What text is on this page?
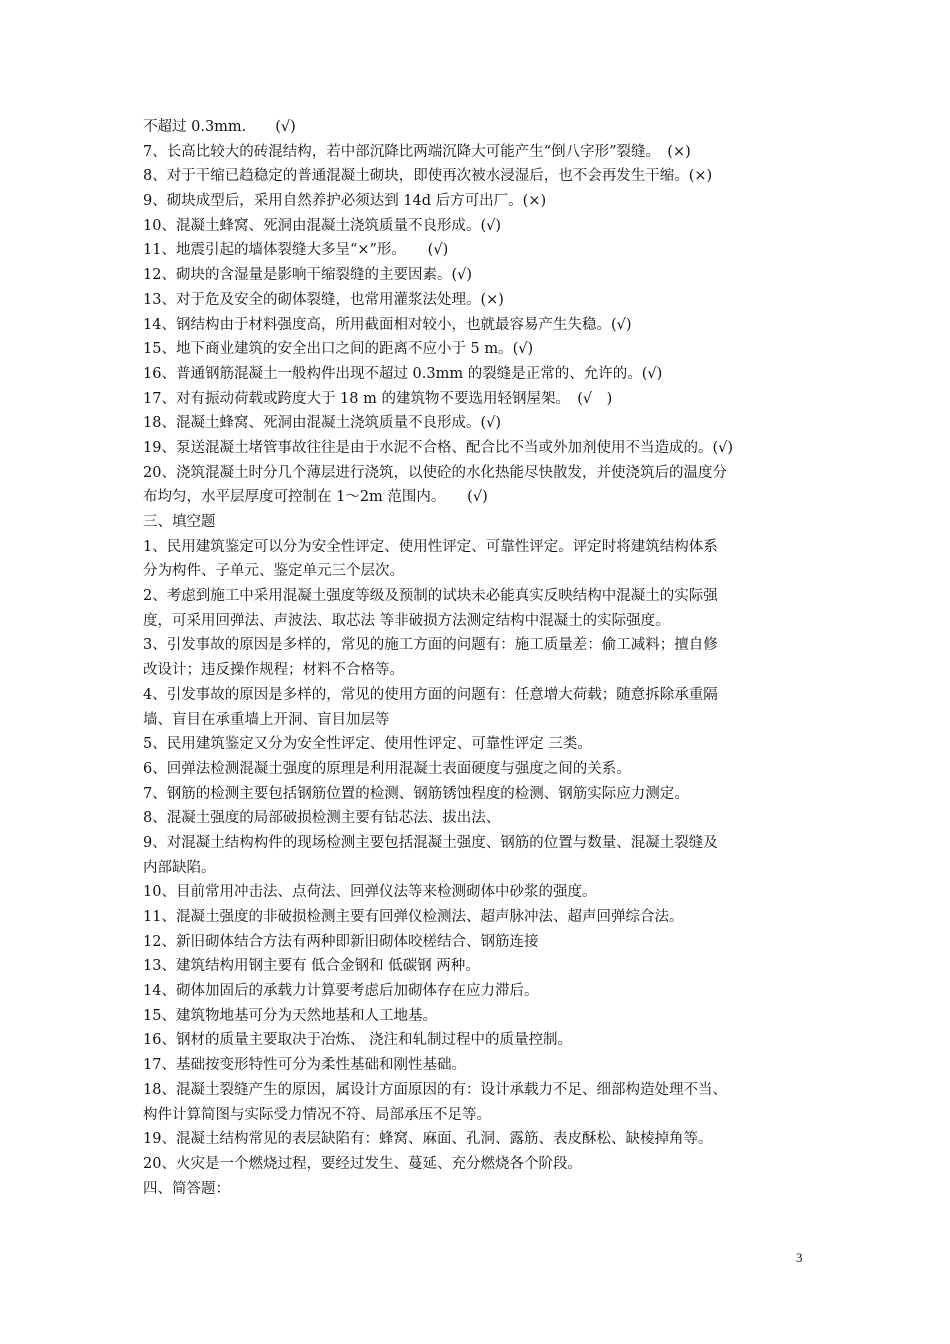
不超过 0.3mm.　　(√)
7、长高比较大的砖混结构，若中部沉降比两端沉降大可能产生“倒八字形”裂缝。　(×)
8、对于干缩已趋稳定的普通混凝土砌块，即使再次被水浸湿后，也不会再发生干缩。(×)
9、砌块成型后，采用自然养护必须达到 14d 后方可出厂。(×)
10、混凝土蜂窝、死洞由混凝土浇筑质量不良形成。(√)
11、地震引起的墙体裂缝大多呈“×”形。　　(√)
12、砌块的含湿量是影响干缩裂缝的主要因素。(√)
13、对于危及安全的砌体裂缝，也常用灌浆法处理。(×)
14、钢结构由于材料强度高，所用截面相对较小，也就最容易产生失稳。(√)
15、地下商业建筑的安全出口之间的距离不应小于 5 m。(√)
16、普通钢筋混凝土一般构件出现不超过 0.3mm 的裂缝是正常的、允许的。(√)
17、对有振动荷载或跨度大于 18 m 的建筑物不要选用轻钢屋架。　(√　)
18、混凝土蜂窝、死洞由混凝土浇筑质量不良形成。(√)
19、泵送混凝土堵管事故往往是由于水泥不合格、配合比不当或外加剂使用不当造成的。(√)
20、浇筑混凝土时分几个薄层进行浇筑，以使砼的水化热能尽快散发，并使浇筑后的温度分
布均匀，水平层厚度可控制在 1～2m 范围内。　　(√)
三、填空题
1、民用建筑鉴定可以分为安全性评定、使用性评定、可靠性评定。评定时将建筑结构体系
分为构件、子单元、鉴定单元三个层次。
2、考虑到施工中采用混凝土强度等级及预制的试块未必能真实反映结构中混凝土的实际强
度，可采用回弹法、声波法、取芯法 等非破损方法测定结构中混凝土的实际强度。
3、引发事故的原因是多样的，常见的施工方面的问题有：施工质量差：偷工减料；擅自修
改设计；违反操作规程；材料不合格等。
4、引发事故的原因是多样的，常见的使用方面的问题有：任意增大荷载；随意拆除承重隔
墙、盲目在承重墙上开洞、盲目加层等
5、民用建筑鉴定又分为安全性评定、使用性评定、可靠性评定 三类。
6、回弹法检测混凝土强度的原理是利用混凝土表面硬度与强度之间的关系。
7、钢筋的检测主要包括钢筋位置的检测、钢筋锈蚀程度的检测、钢筋实际应力测定。
8、混凝土强度的局部破损检测主要有钻芯法、拔出法、
9、对混凝土结构构件的现场检测主要包括混凝土强度、钢筋的位置与数量、混凝土裂缝及
内部缺陷。
10、目前常用冲击法、点荷法、回弹仪法等来检测砌体中砂浆的强度。
11、混凝土强度的非破损检测主要有回弹仪检测法、超声脉冲法、超声回弹综合法。
12、新旧砌体结合方法有两种即新旧砌体咬槎结合、钢筋连接
13、建筑结构用钢主要有 低合金钢和 低碳钢 两种。
14、砌体加固后的承载力计算要考虑后加砌体存在应力滞后。
15、建筑物地基可分为天然地基和人工地基。
16、钢材的质量主要取决于冶炼、 浇注和轧制过程中的质量控制。
17、基础按变形特性可分为柔性基础和刚性基础。
18、混凝土裂缝产生的原因，属设计方面原因的有：设计承载力不足、细部构造处理不当、
构件计算简图与实际受力情况不符、局部承压不足等。
19、混凝土结构常见的表层缺陷有：蜂窝、麻面、孔洞、露筋、表皮酥松、缺棱掉角等。
20、火灾是一个燃烧过程，要经过发生、蔓延、充分燃烧各个阶段。
四、简答题：
3
